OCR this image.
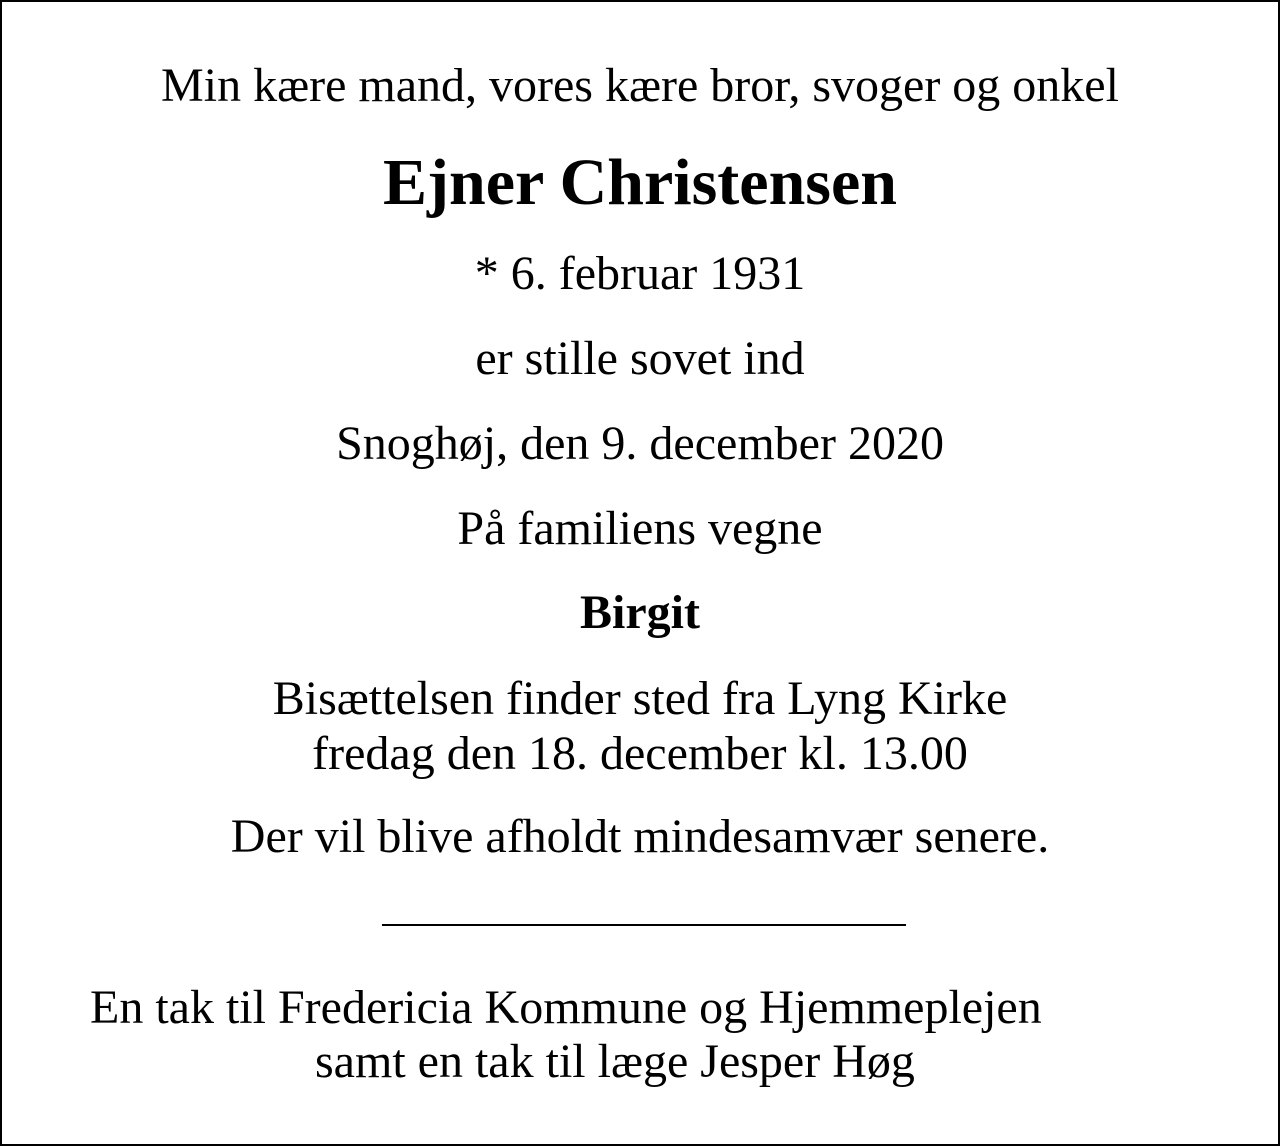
Min kære mand, vores kære bror, svoger og onkel
Ejner Christensen
* 6. februar 1931
er stille sovet ind
Snoghøj, den 9. december 2020
På familiens vegne
Birgit
Bisættelsen finder sted fra Lyng Kirke
fredag den 18. december kl. 13.00
Der vil blive afholdt mindesamvær senere.
En tak til Fredericia Kommune og Hjemmeplejen
samt en tak til læge Jesper Høg
